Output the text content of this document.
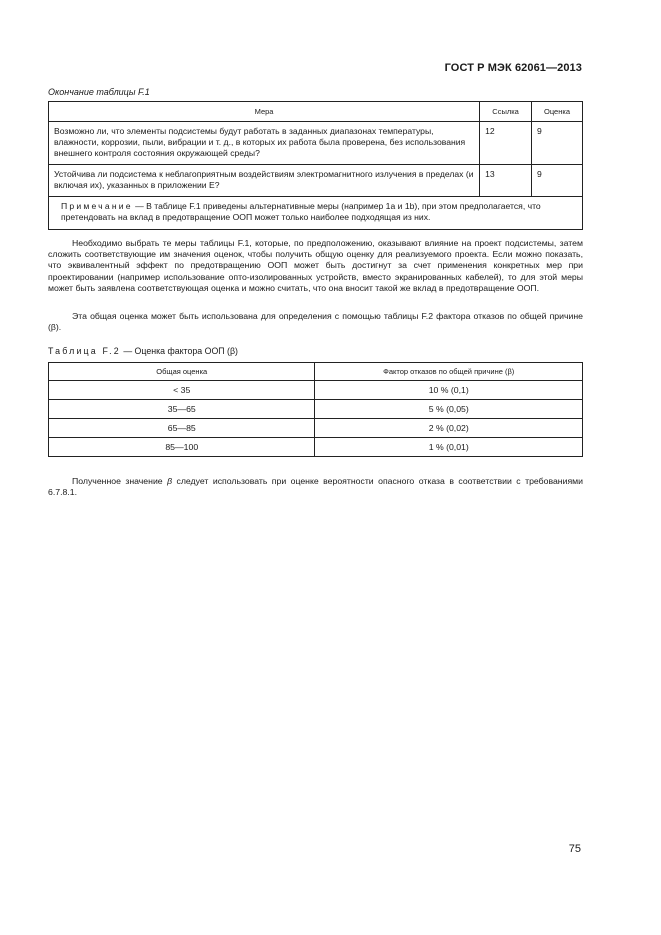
ГОСТ Р МЭК 62061—2013
Окончание таблицы F.1
Мера	Ссылка	Оценка
Возможно ли, что элементы подсистемы будут работать в заданных диапазонах температуры, влажности, коррозии, пыли, вибрации и т. д., в которых их работа была проверена, без использования внешнего контроля состояния окружающей среды?	12	9
Устойчива ли подсистема к неблагоприятным воздействиям электромагнитного излучения в пределах (и включая их), указанных в приложении Е?	13	9
Примечание — В таблице F.1 приведены альтернативные меры (например 1а и 1b), при этом предполагается, что претендовать на вклад в предотвращение ООП может только наиболее подходящая из них.		

Необходимо выбрать те меры таблицы F.1, которые, по предположению, оказывают влияние на проект подсистемы, затем сложить соответствующие им значения оценок, чтобы получить общую оценку для реализуемого проекта. Если можно показать, что эквивалентный эффект по предотвращению ООП может быть достигнут за счет применения конкретных мер при проектировании (например использование опто-изолированных устройств, вместо экранированных кабелей), то для этой меры может быть заявлена соответствующая оценка и можно считать, что она вносит такой же вклад в предотвращение ООП.

Эта общая оценка может быть использована для определения с помощью таблицы F.2 фактора отказов по общей причине (β).

Таблица F.2 — Оценка фактора ООП (β)
Общая оценка	Фактор отказов по общей причине (β)
< 35	10 % (0,1)
35—65	5 % (0,05)
65—85	2 % (0,02)
85—100	1 % (0,01)

Полученное значение β следует использовать при оценке вероятности опасного отказа в соответствии с требованиями 6.7.8.1.

75
